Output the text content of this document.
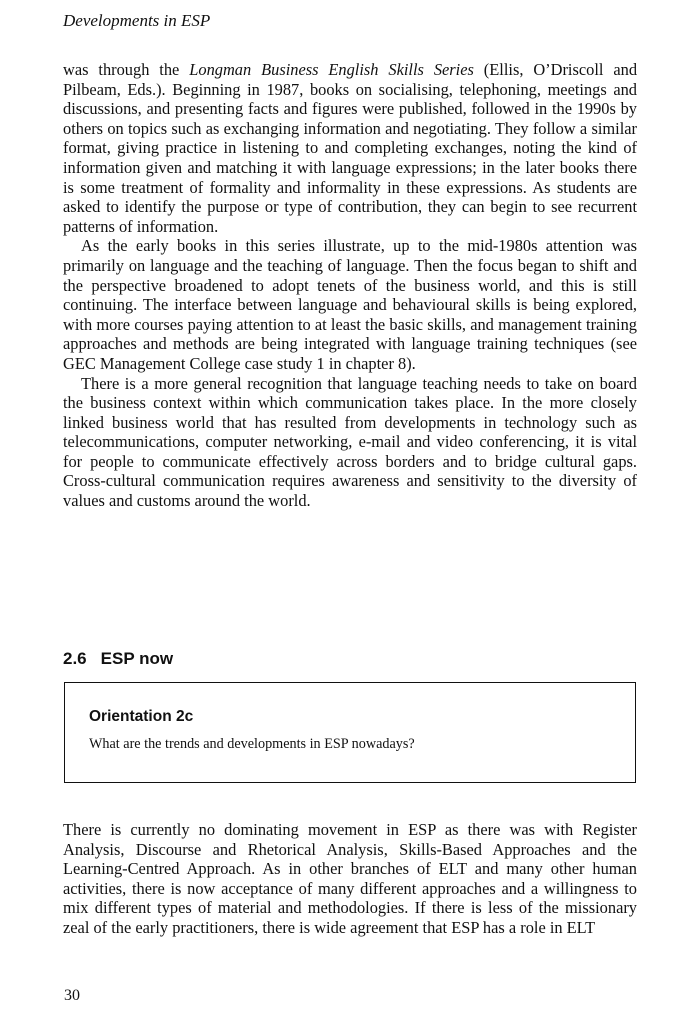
Developments in ESP

was through the Longman Business English Skills Series (Ellis, O’Driscoll and Pilbeam, Eds.). Beginning in 1987, books on socialising, telephoning, meetings and discussions, and presenting facts and figures were published, followed in the 1990s by others on topics such as exchanging information and negotiating. They follow a similar format, giving practice in listening to and completing exchanges, noting the kind of information given and matching it with language expressions; in the later books there is some treatment of formality and informality in these expressions. As students are asked to identify the purpose or type of contribution, they can begin to see recurrent patterns of information.

As the early books in this series illustrate, up to the mid-1980s attention was primarily on language and the teaching of language. Then the focus began to shift and the perspective broadened to adopt tenets of the business world, and this is still continuing. The interface between language and behavioural skills is being explored, with more courses paying attention to at least the basic skills, and management training approaches and methods are being integrated with language training techniques (see GEC Management College case study 1 in chapter 8).

There is a more general recognition that language teaching needs to take on board the business context within which communication takes place. In the more closely linked business world that has resulted from developments in technology such as telecommunications, computer networking, e-mail and video conferencing, it is vital for people to communicate effectively across borders and to bridge cultural gaps. Cross-cultural communication requires awareness and sensitivity to the diversity of values and customs around the world.

2.6 ESP now
Orientation 2c

What are the trends and developments in ESP nowadays?

There is currently no dominating movement in ESP as there was with Register Analysis, Discourse and Rhetorical Analysis, Skills-Based Approaches and the Learning-Centred Approach. As in other branches of ELT and many other human activities, there is now acceptance of many different approaches and a willingness to mix different types of material and methodologies. If there is less of the missionary zeal of the early practitioners, there is wide agreement that ESP has a role in ELT

30
